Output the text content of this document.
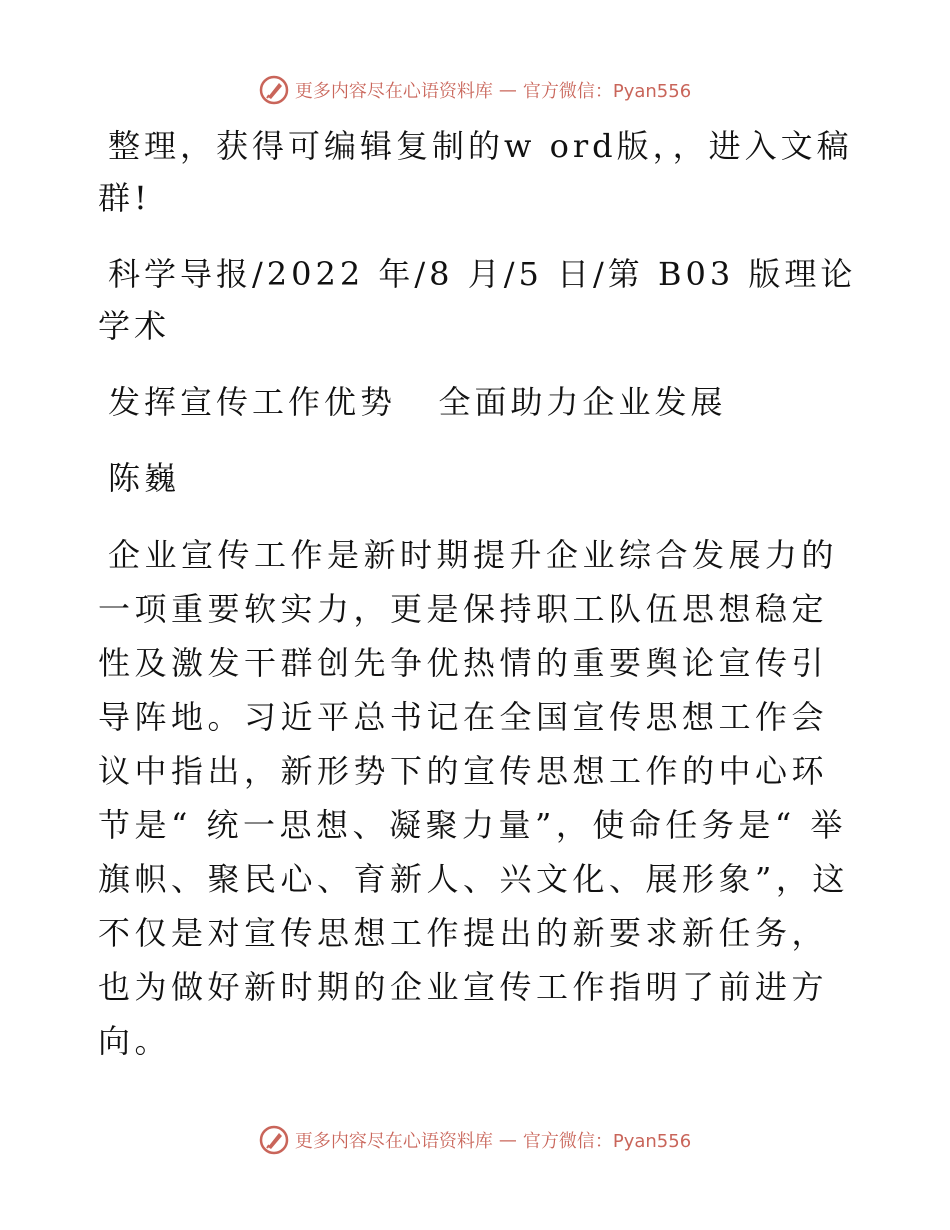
更多内容尽在心语资料库 — 官方微信：Pyan556

整理，获得可编辑复制的w ord版，，进入文稿群!

科学导报/2022 年/8 月/5 日/第 B03 版理论学术

发挥宣传工作优势   全面助力企业发展

陈巍

企业宣传工作是新时期提升企业综合发展力的一项重要软实力，更是保持职工队伍思想稳定性及激发干群创先争优热情的重要舆论宣传引导阵地。习近平总书记在全国宣传思想工作会议中指出，新形势下的宣传思想工作的中心环节是“ 统一思想、凝聚力量”，使命任务是“ 举旗帜、聚民心、育新人、兴文化、展形象”，这不仅是对宣传思想工作提出的新要求新任务，也为做好新时期的企业宣传工作指明了前进方向。

更多内容尽在心语资料库 — 官方微信：Pyan556
